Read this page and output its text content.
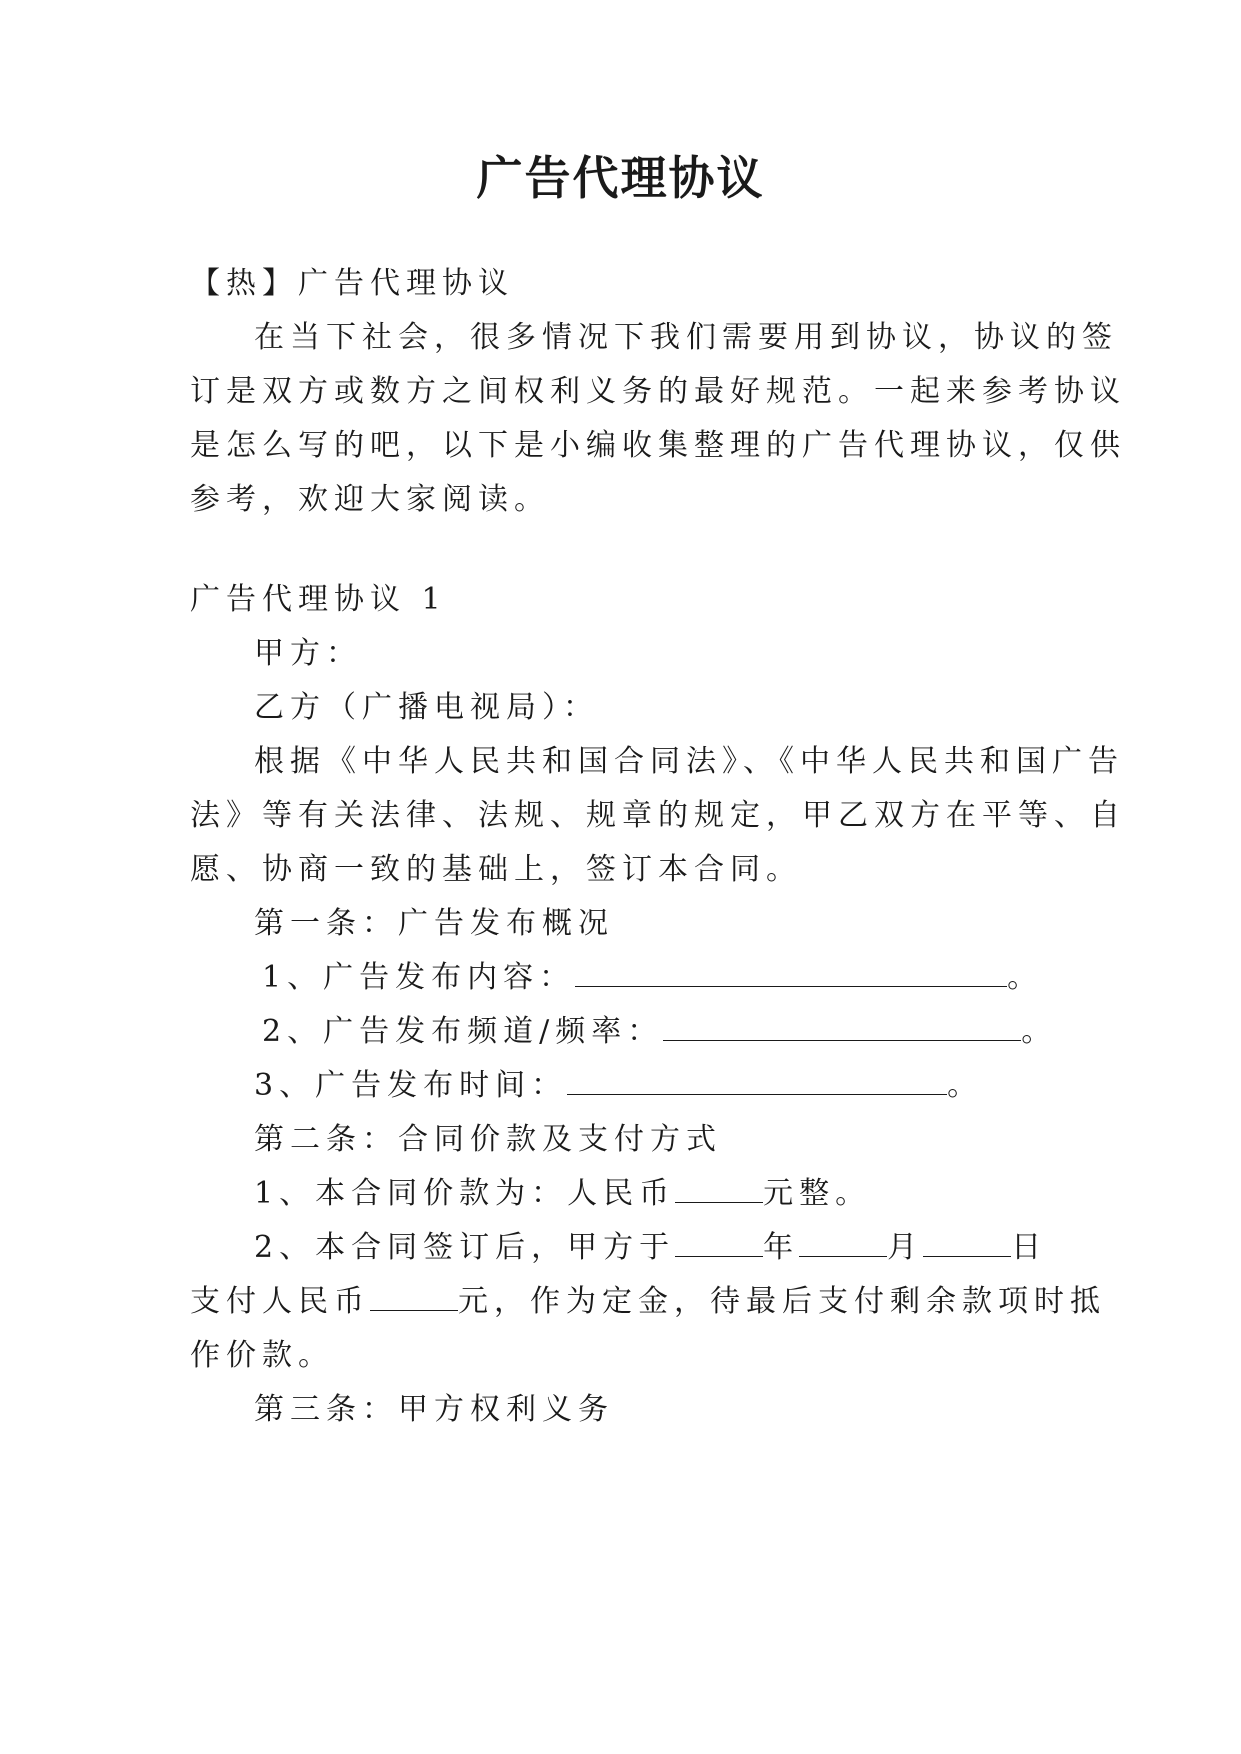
广告代理协议
【热】广告代理协议
在当下社会，很多情况下我们需要用到协议，协议的签
订是双方或数方之间权利义务的最好规范。一起来参考协议
是怎么写的吧，以下是小编收集整理的广告代理协议，仅供
参考，欢迎大家阅读。
广告代理协议 1
甲方：
乙方（广播电视局）：
根据《中华人民共和国合同法》、《中华人民共和国广告
法》等有关法律、法规、规章的规定，甲乙双方在平等、自
愿、协商一致的基础上，签订本合同。
第一条：广告发布概况
1、广告发布内容：	。
2、广告发布频道/频率：	。
3、广告发布时间：	。
第二条：合同价款及支付方式
1、本合同价款为：人民币	元整。
2、本合同签订后，甲方于	年	月	日
支付人民币	元，作为定金，待最后支付剩余款项时抵
作价款。
第三条：甲方权利义务
